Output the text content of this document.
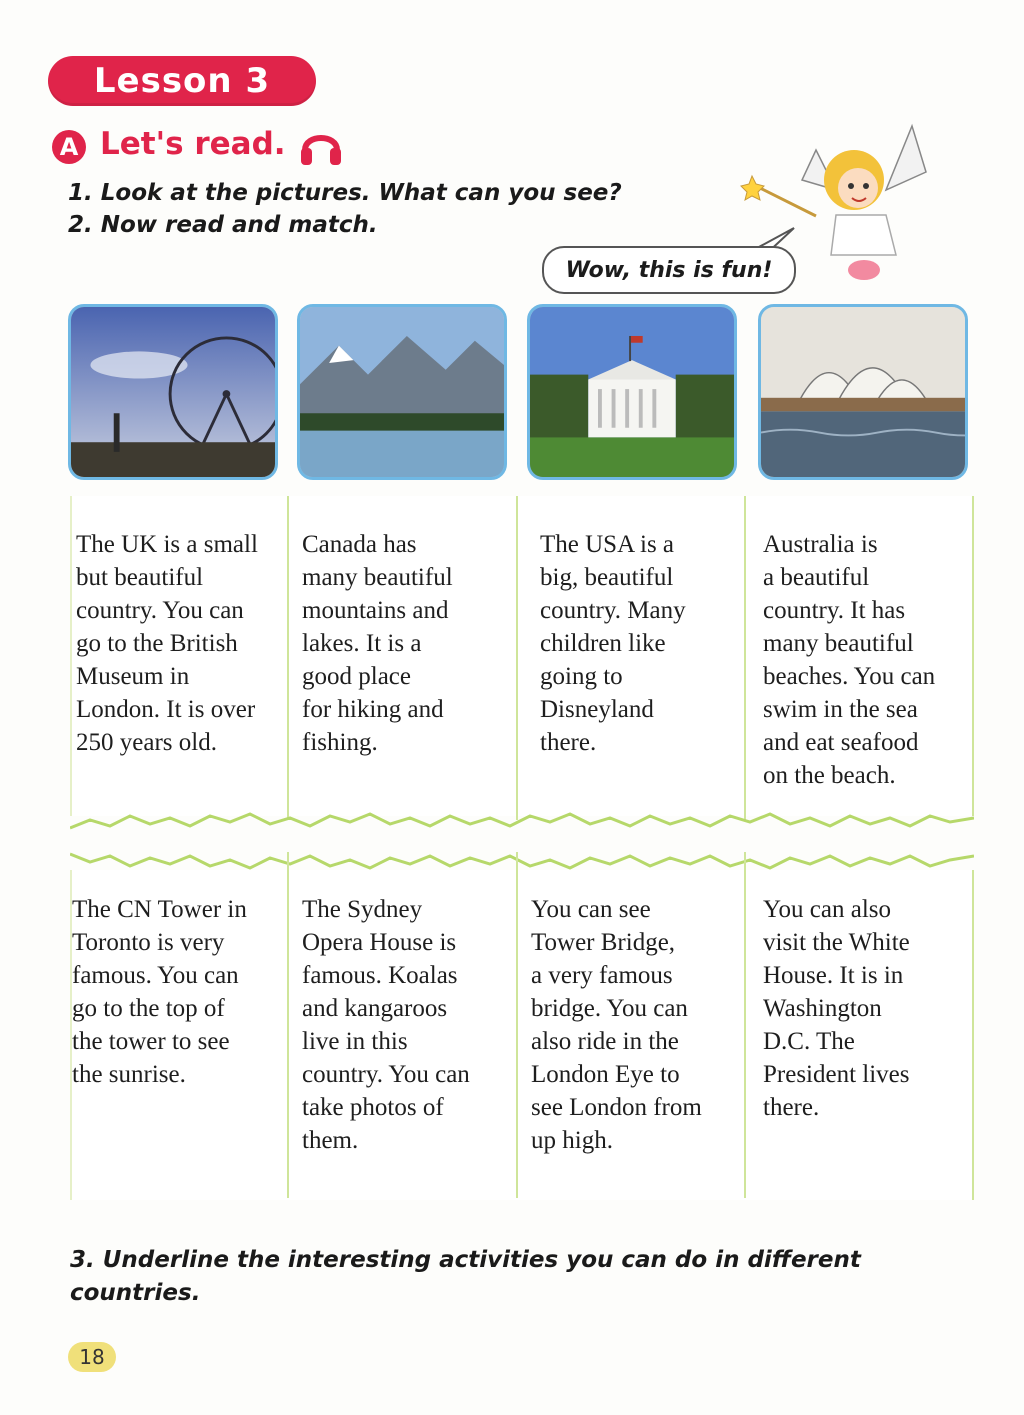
Lesson 3
A Let's read.
1. Look at the pictures. What can you see?
2. Now read and match.
Wow, this is fun!
The UK is a small
but beautiful
country. You can
go to the British
Museum in
London. It is over
250 years old.
Canada has
many beautiful
mountains and
lakes. It is a
good place
for hiking and
fishing.
The USA is a
big, beautiful
country. Many
children like
going to
Disneyland
there.
Australia is
a beautiful
country. It has
many beautiful
beaches. You can
swim in the sea
and eat seafood
on the beach.
The CN Tower in
Toronto is very
famous. You can
go to the top of
the tower to see
the sunrise.
The Sydney
Opera House is
famous. Koalas
and kangaroos
live in this
country. You can
take photos of
them.
You can see
Tower Bridge,
a very famous
bridge. You can
also ride in the
London Eye to
see London from
up high.
You can also
visit the White
House. It is in
Washington
D.C. The
President lives
there.
3. Underline the interesting activities you can do in different countries.
18
